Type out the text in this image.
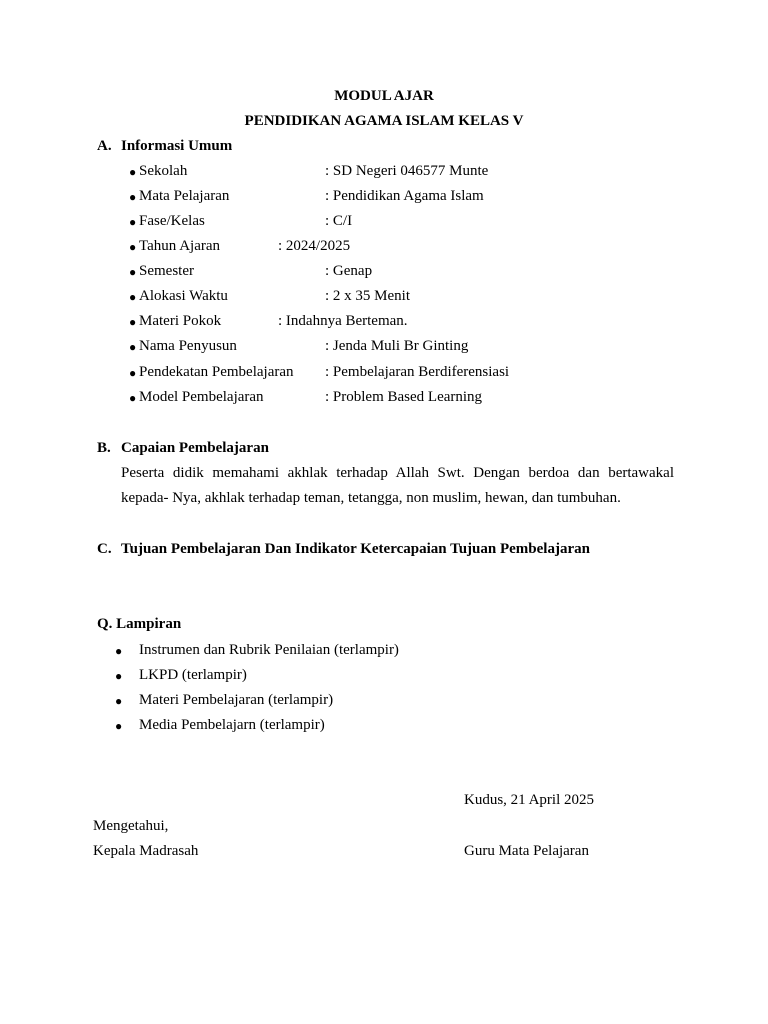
MODUL AJAR
PENDIDIKAN AGAMA ISLAM KELAS V
A. Informasi Umum
● Sekolah	: SD Negeri 046577 Munte
● Mata Pelajaran	: Pendidikan Agama Islam
● Fase/Kelas	: C/I
● Tahun Ajaran	: 2024/2025
● Semester	: Genap
● Alokasi Waktu	: 2 x 35 Menit
● Materi Pokok	: Indahnya Berteman.
● Nama Penyusun	: Jenda Muli Br Ginting
● Pendekatan Pembelajaran : Pembelajaran Berdiferensiasi
● Model Pembelajaran	: Problem Based Learning
B. Capaian Pembelajaran
Peserta didik memahami akhlak terhadap Allah Swt. Dengan berdoa dan bertawakal
kepada- Nya, akhlak terhadap teman, tetangga, non muslim, hewan, dan tumbuhan.
C. Tujuan Pembelajaran Dan Indikator Ketercapaian Tujuan Pembelajaran
Q. Lampiran
● Instrumen dan Rubrik Penilaian (terlampir)
● LKPD (terlampir)
● Materi Pembelajaran (terlampir)
● Media Pembelajarn (terlampir)
Kudus, 21 April 2025
Mengetahui,
Kepala Madrasah	Guru Mata Pelajaran
